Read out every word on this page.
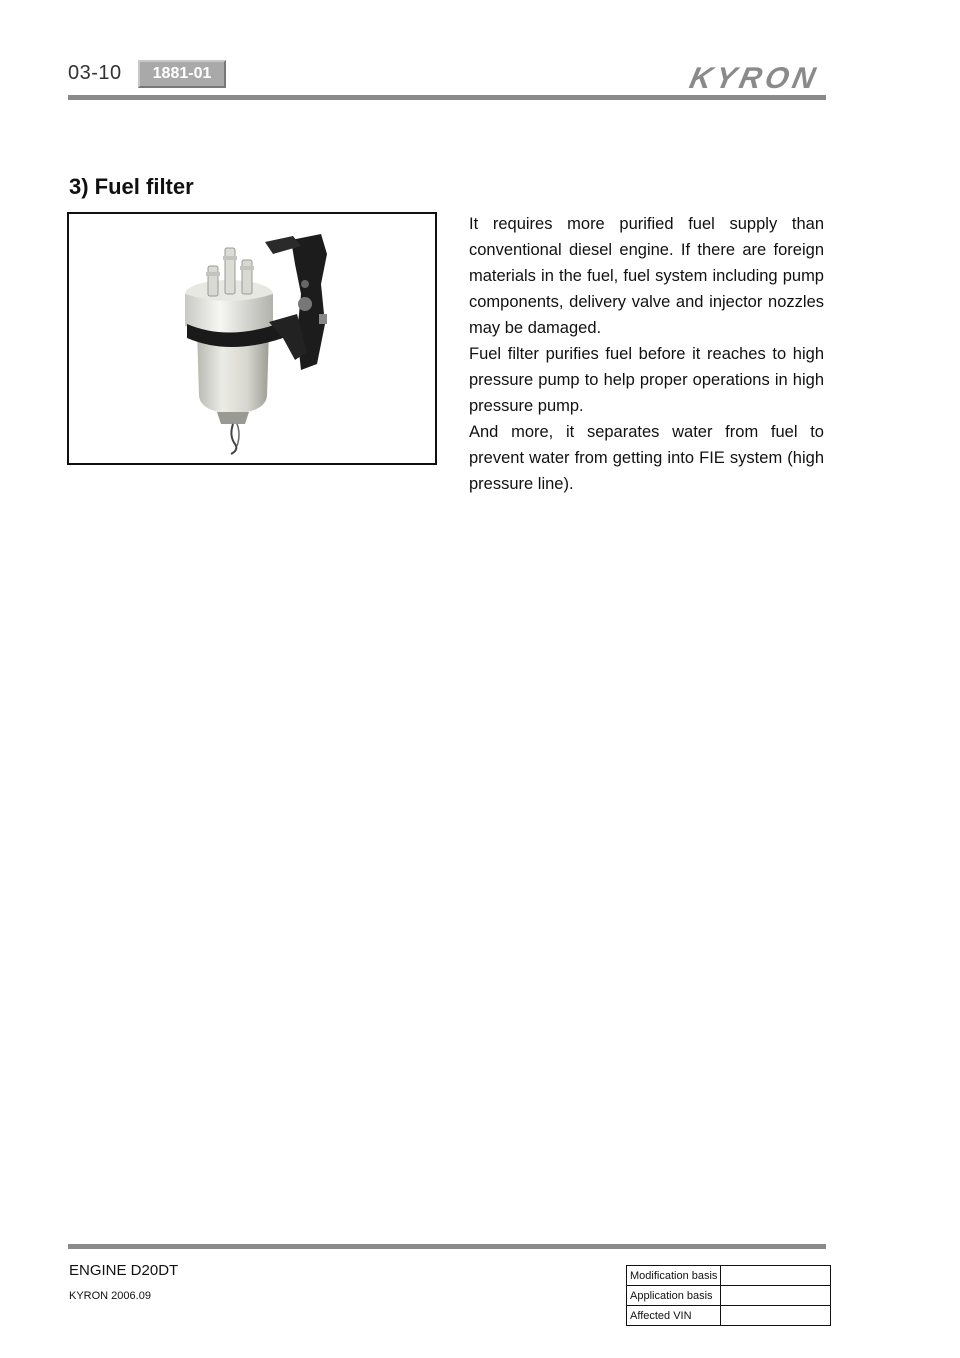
03-10	1881-01	KYRON
3) Fuel filter

It requires more purified fuel supply than conventional diesel engine. If there are foreign materials in the fuel, fuel system including pump components, delivery valve and injector nozzles may be damaged.

Fuel filter purifies fuel before it reaches to high pressure pump to help proper operations in high pressure pump.

And more, it separates water from fuel to prevent water from getting into FIE system (high pressure line).

ENGINE D20DT
KYRON 2006.09
Modification basis	
Application basis	
Affected VIN	
